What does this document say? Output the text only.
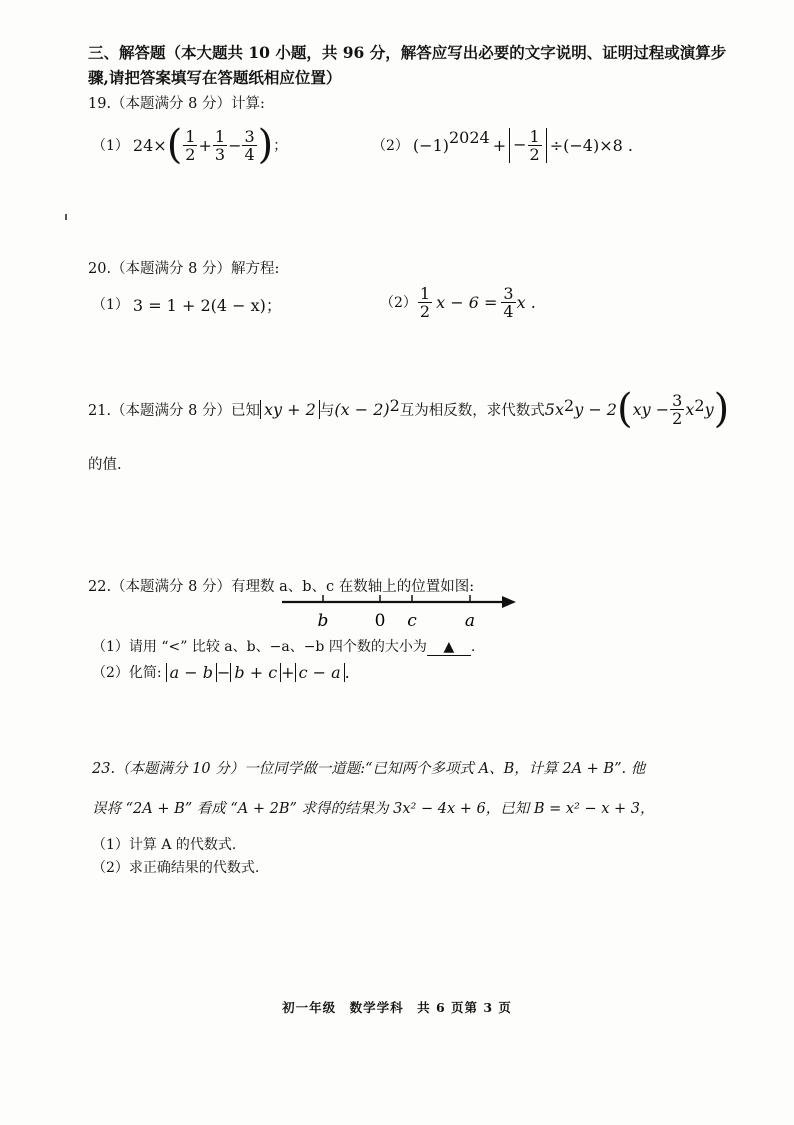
三、解答题（本大题共 10 小题，共 96 分，解答应写出必要的文字说明、证明过程或演算步骤,请把答案填写在答题纸相应位置）
19.（本题满分 8 分）计算:
（1） 24× ( $\frac{1}{2} + \frac{1}{3} - \frac{3}{4}$ ) ；	（2） (−1) 2024 + − $\frac{1}{2} \div(-4)\times 8$ .
20.（本题满分 8 分）解方程:
（1） 3 = 1 + 2(4 − x)；	$(2) \frac{1}{2}$ $x - 6 = \frac{3}{4}$ x .
21.（本题满分 8 分）已知 xy + 2 与 (x − 2) 2 互为相反数，求代数式 5x 2 y − 2 ( xy − $\frac{3}{2}$ x 2 y )
的值.
22.（本题满分 8 分）有理数 a、b、c 在数轴上的位置如图:
b	0 c	a
（1）请用 “<” 比较 a、b、−a、−b 四个数的大小为 ▲ .
（2）化简: a − b − b + c + c − a .
23.（本题满分 10 分）一位同学做一道题:“已知两个多项式 A、B，计算 2A + B”. 他
误将 “2A + B” 看成 “A + 2B” 求得的结果为 3x² − 4x + 6，已知 B = x² − x + 3，
（1）计算 A 的代数式.
（2）求正确结果的代数式.
初一年级　数学学科　共 6 页第 3 页
